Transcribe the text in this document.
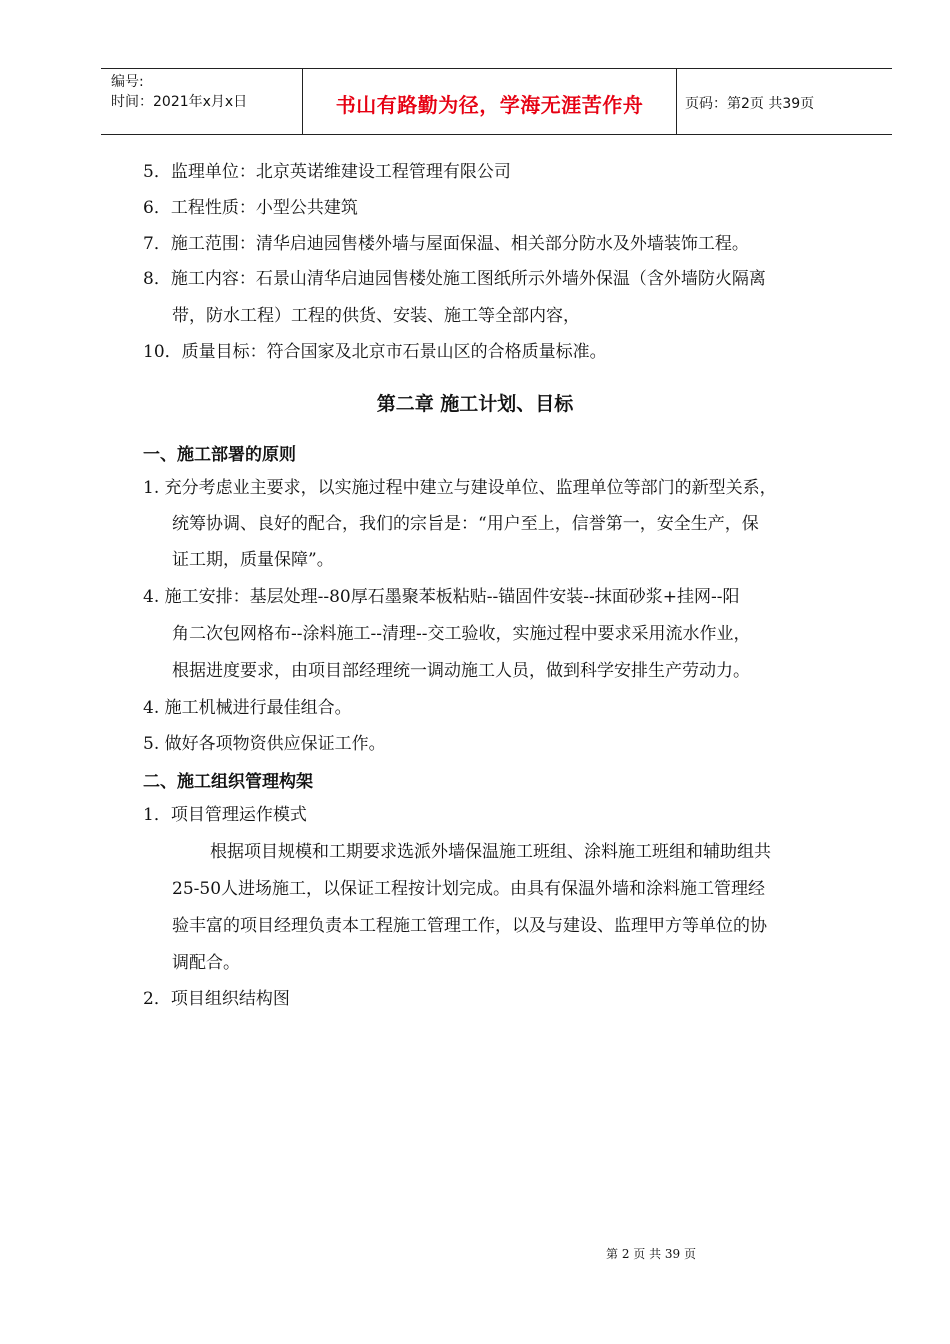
编号:
时间：2021年x月x日	书山有路勤为径，学海无涯苦作舟	页码：第2页 共39页
5．监理单位：北京英诺维建设工程管理有限公司
6．工程性质：小型公共建筑
7．施工范围：清华启迪园售楼外墙与屋面保温、相关部分防水及外墙装饰工程。
8．施工内容：石景山清华启迪园售楼处施工图纸所示外墙外保温（含外墙防火隔离
带，防水工程）工程的供货、安装、施工等全部内容，
10．质量目标：符合国家及北京市石景山区的合格质量标准。
第二章 施工计划、目标
一、施工部署的原则
1. 充分考虑业主要求，以实施过程中建立与建设单位、监理单位等部门的新型关系，
统筹协调、良好的配合，我们的宗旨是：“用户至上，信誉第一，安全生产，保
证工期，质量保障”。
4. 施工安排：基层处理--80厚石墨聚苯板粘贴--锚固件安装--抹面砂浆+挂网--阳
角二次包网格布--涂料施工--清理--交工验收，实施过程中要求采用流水作业，
根据进度要求，由项目部经理统一调动施工人员，做到科学安排生产劳动力。
4. 施工机械进行最佳组合。
5. 做好各项物资供应保证工作。
二、施工组织管理构架
1．项目管理运作模式
根据项目规模和工期要求选派外墙保温施工班组、涂料施工班组和辅助组共
25-50人进场施工，以保证工程按计划完成。由具有保温外墙和涂料施工管理经
验丰富的项目经理负责本工程施工管理工作，以及与建设、监理甲方等单位的协
调配合。
2．项目组织结构图
第 2 页 共 39 页
